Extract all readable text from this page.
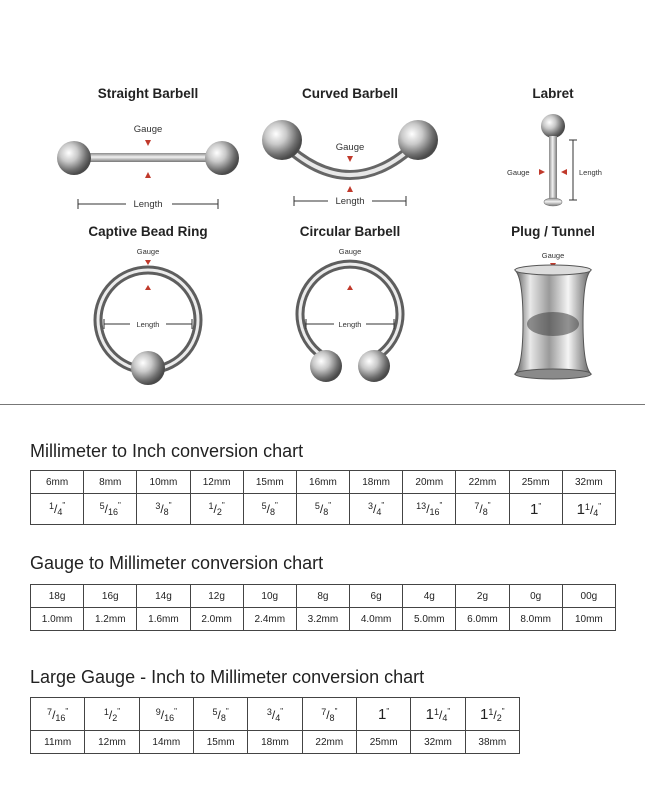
Straight Barbell
Gauge
Length
Curved Barbell
Gauge
Length
Labret
Gauge	Length
Captive Bead Ring
Gauge
Length
Circular Barbell
Gauge
Length
Plug / Tunnel
Gauge
Millimeter to Inch conversion chart
6mm	8mm	10mm	12mm	15mm	16mm	18mm	20mm	22mm	25mm	32mm
$^1/_4^"$	$^5/_{16}^"$	$^3/_8^"$	$^1/_2^"$	$^5/_8^"$	$^5/_8^"$	$^3/_4^"$	$^{13}/_{16}^"$	$^7/_8^"$	1"	$1^1/_4^"$
Gauge to Millimeter conversion chart
18g	16g	14g	12g	10g	8g	6g	4g	2g	0g	00g
1.0mm	1.2mm	1.6mm	2.0mm	2.4mm	3.2mm	4.0mm	5.0mm	6.0mm	8.0mm	10mm
Large Gauge - Inch to Millimeter conversion chart
$^7/_{16}^"$	$^1/_2^"$	$^9/_{16}^"$	$^5/_8^"$	$^3/_4^"$	$^7/_8^"$	1"	$1^1/_4^"$	$1^1/_2^"$
11mm	12mm	14mm	15mm	18mm	22mm	25mm	32mm	38mm
